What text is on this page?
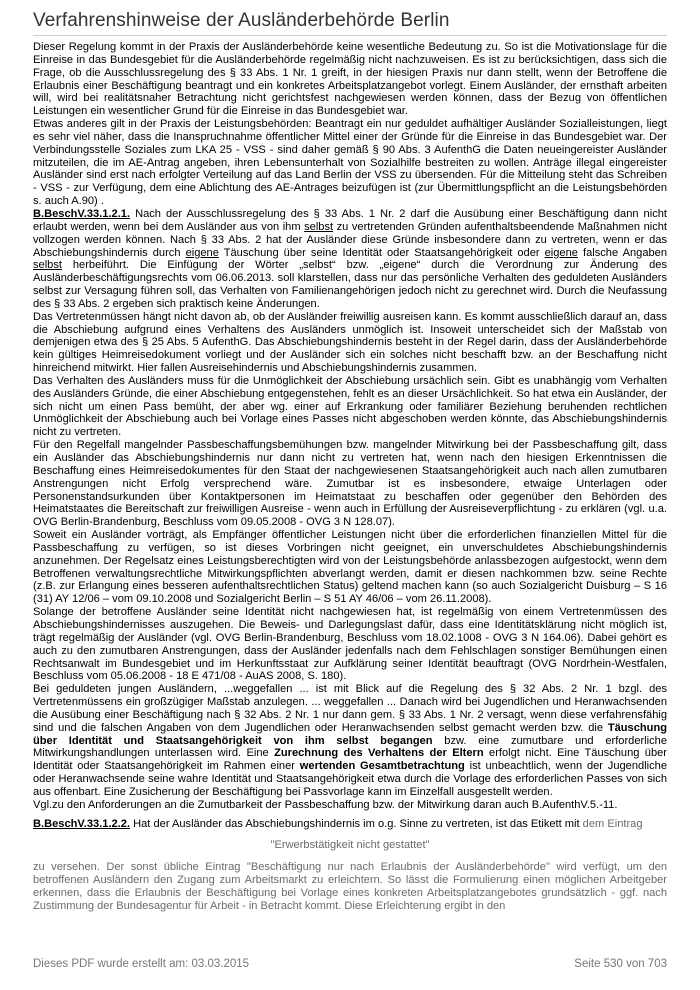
Verfahrenshinweise der Ausländerbehörde Berlin

Dieser Regelung kommt in der Praxis der Ausländerbehörde keine wesentliche Bedeutung zu. So ist die Motivationslage für die Einreise in das Bundesgebiet für die Ausländerbehörde regelmäßig nicht nachzuweisen. Es ist zu berücksichtigen, dass sich die Frage, ob die Ausschlussregelung des § 33 Abs. 1 Nr. 1 greift, in der hiesigen Praxis nur dann stellt, wenn der Betroffene die Erlaubnis einer Beschäftigung beantragt und ein konkretes Arbeitsplatzangebot vorlegt. Einem Ausländer, der ernsthaft arbeiten will, wird bei realitätsnaher Betrachtung nicht gerichtsfest nachgewiesen werden können, dass der Bezug von öffentlichen Leistungen ein wesentlicher Grund für die Einreise in das Bundesgebiet war.

Etwas anderes gilt in der Praxis der Leistungsbehörden: Beantragt ein nur geduldet aufhältiger Ausländer Sozialleistungen, liegt es sehr viel näher, dass die Inanspruchnahme öffentlicher Mittel einer der Gründe für die Einreise in das Bundesgebiet war. Der Verbindungsstelle Soziales zum LKA 25 - VSS - sind daher gemäß § 90 Abs. 3 AufenthG die Daten neueingereister Ausländer mitzuteilen, die im AE-Antrag angeben, ihren Lebensunterhalt von Sozialhilfe bestreiten zu wollen. Anträge illegal eingereister Ausländer sind erst nach erfolgter Verteilung auf das Land Berlin der VSS zu übersenden. Für die Mitteilung steht das Schreiben - VSS - zur Verfügung, dem eine Ablichtung des AE-Antrages beizufügen ist (zur Übermittlungspflicht an die Leistungsbehörden s. auch A.90) .

B.BeschV.33.1.2.1. Nach der Ausschlussregelung des § 33 Abs. 1 Nr. 2 darf die Ausübung einer Beschäftigung dann nicht erlaubt werden, wenn bei dem Ausländer aus von ihm selbst zu vertretenden Gründen aufenthaltsbeendende Maßnahmen nicht vollzogen werden können. Nach § 33 Abs. 2 hat der Ausländer diese Gründe insbesondere dann zu vertreten, wenn er das Abschiebungshindernis durch eigene Täuschung über seine Identität oder Staatsangehörigkeit oder eigene falsche Angaben selbst herbeiführt. Die Einfügung der Wörter „selbst“ bzw. „eigene“ durch die Verordnung zur Änderung des Ausländerbeschäftigungsrechts vom 06.06.2013. soll klarstellen, dass nur das persönliche Verhalten des geduldeten Ausländers selbst zur Versagung führen soll, das Verhalten von Familienangehörigen jedoch nicht zu gerechnet wird. Durch die Neufassung des § 33 Abs. 2 ergeben sich praktisch keine Änderungen.

Das Vertretenmüssen hängt nicht davon ab, ob der Ausländer freiwillig ausreisen kann. Es kommt ausschließlich darauf an, dass die Abschiebung aufgrund eines Verhaltens des Ausländers unmöglich ist. Insoweit unterscheidet sich der Maßstab von demjenigen etwa des § 25 Abs. 5 AufenthG. Das Abschiebungshindernis besteht in der Regel darin, dass der Ausländerbehörde kein gültiges Heimreisedokument vorliegt und der Ausländer sich ein solches nicht beschafft bzw. an der Beschaffung nicht hinreichend mitwirkt. Hier fallen Ausreisehindernis und Abschiebungshindernis zusammen.

Das Verhalten des Ausländers muss für die Unmöglichkeit der Abschiebung ursächlich sein. Gibt es unabhängig vom Verhalten des Ausländers Gründe, die einer Abschiebung entgegenstehen, fehlt es an dieser Ursächlichkeit. So hat etwa ein Ausländer, der sich nicht um einen Pass bemüht, der aber wg. einer auf Erkrankung oder familiärer Beziehung beruhenden rechtlichen Unmöglichkeit der Abschiebung auch bei Vorlage eines Passes nicht abgeschoben werden könnte, das Abschiebungshindernis nicht zu vertreten.

Für den Regelfall mangelnder Passbeschaffungsbemühungen bzw. mangelnder Mitwirkung bei der Passbeschaffung gilt, dass ein Ausländer das Abschiebungshindernis nur dann nicht zu vertreten hat, wenn nach den hiesigen Erkenntnissen die Beschaffung eines Heimreisedokumentes für den Staat der nachgewiesenen Staatsangehörigkeit auch nach allen zumutbaren Anstrengungen nicht Erfolg versprechend wäre. Zumutbar ist es insbesondere, etwaige Unterlagen oder Personenstandsurkunden über Kontaktpersonen im Heimatstaat zu beschaffen oder gegenüber den Behörden des Heimatstaates die Bereitschaft zur freiwilligen Ausreise - wenn auch in Erfüllung der Ausreiseverpflichtung - zu erklären (vgl. u.a. OVG Berlin-Brandenburg, Beschluss vom 09.05.2008 - OVG 3 N 128.07).

Soweit ein Ausländer vorträgt, als Empfänger öffentlicher Leistungen nicht über die erforderlichen finanziellen Mittel für die Passbeschaffung zu verfügen, so ist dieses Vorbringen nicht geeignet, ein unverschuldetes Abschiebungshindernis anzunehmen. Der Regelsatz eines Leistungsberechtigten wird von der Leistungsbehörde anlassbezogen aufgestockt, wenn dem Betroffenen verwaltungsrechtliche Mitwirkungspflichten abverlangt werden, damit er diesen nachkommen bzw. seine Rechte (z.B. zur Erlangung eines besseren aufenthaltsrechtlichen Status) geltend machen kann (so auch Sozialgericht Duisburg – S 16 (31) AY 12/06 – vom 09.10.2008 und Sozialgericht Berlin – S 51 AY 46/06 – vom 26.11.2008).

Solange der betroffene Ausländer seine Identität nicht nachgewiesen hat, ist regelmäßig von einem Vertretenmüssen des Abschiebungshindernisses auszugehen. Die Beweis- und Darlegungslast dafür, dass eine Identitätsklärung nicht möglich ist, trägt regelmäßig der Ausländer (vgl. OVG Berlin-Brandenburg, Beschluss vom 18.02.1008 - OVG 3 N 164.06). Dabei gehört es auch zu den zumutbaren Anstrengungen, dass der Ausländer jedenfalls nach dem Fehlschlagen sonstiger Bemühungen einen Rechtsanwalt im Bundesgebiet und im Herkunftsstaat zur Aufklärung seiner Identität beauftragt (OVG Nordrhein-Westfalen, Beschluss vom 05.06.2008 - 18 E 471/08 - AuAS 2008, S. 180).

Bei geduldeten jungen Ausländern, ...weggefallen ... ist mit Blick auf die Regelung des § 32 Abs. 2 Nr. 1 bzgl. des Vertretenmüssens ein großzügiger Maßstab anzulegen. ... weggefallen ... Danach wird bei Jugendlichen und Heranwachsenden die Ausübung einer Beschäftigung nach § 32 Abs. 2 Nr. 1 nur dann gem. § 33 Abs. 1 Nr. 2 versagt, wenn diese verfahrensfähig sind und die falschen Angaben von dem Jugendlichen oder Heranwachsenden selbst gemacht werden bzw. die Täuschung über Identität und Staatsangehörigkeit von ihm selbst begangen bzw. eine zumutbare und erforderliche Mitwirkungshandlungen unterlassen wird. Eine Zurechnung des Verhaltens der Eltern erfolgt nicht. Eine Täuschung über Identität oder Staatsangehörigkeit im Rahmen einer wertenden Gesamtbetrachtung ist unbeachtlich, wenn der Jugendliche oder Heranwachsende seine wahre Identität und Staatsangehörigkeit etwa durch die Vorlage des erforderlichen Passes von sich aus offenbart. Eine Zusicherung der Beschäftigung bei Passvorlage kann im Einzelfall ausgestellt werden.

Vgl.zu den Anforderungen an die Zumutbarkeit der Passbeschaffung bzw. der Mitwirkung daran auch B.AufenthV.5.-11.

B.BeschV.33.1.2.2. Hat der Ausländer das Abschiebungshindernis im o.g. Sinne zu vertreten, ist das Etikett mit dem Eintrag

"Erwerbstätigkeit nicht gestattet"

zu versehen. Der sonst übliche Eintrag "Beschäftigung nur nach Erlaubnis der Ausländerbehörde" wird verfügt, um den betroffenen Ausländern den Zugang zum Arbeitsmarkt zu erleichtern. So lässt die Formulierung einen möglichen Arbeitgeber erkennen, dass die Erlaubnis der Beschäftigung bei Vorlage eines konkreten Arbeitsplatzangebotes grundsätzlich - ggf. nach Zustimmung der Bundesagentur für Arbeit - in Betracht kommt. Diese Erleichterung ergibt in den

Dieses PDF wurde erstellt am: 03.03.2015	Seite 530 von 703
